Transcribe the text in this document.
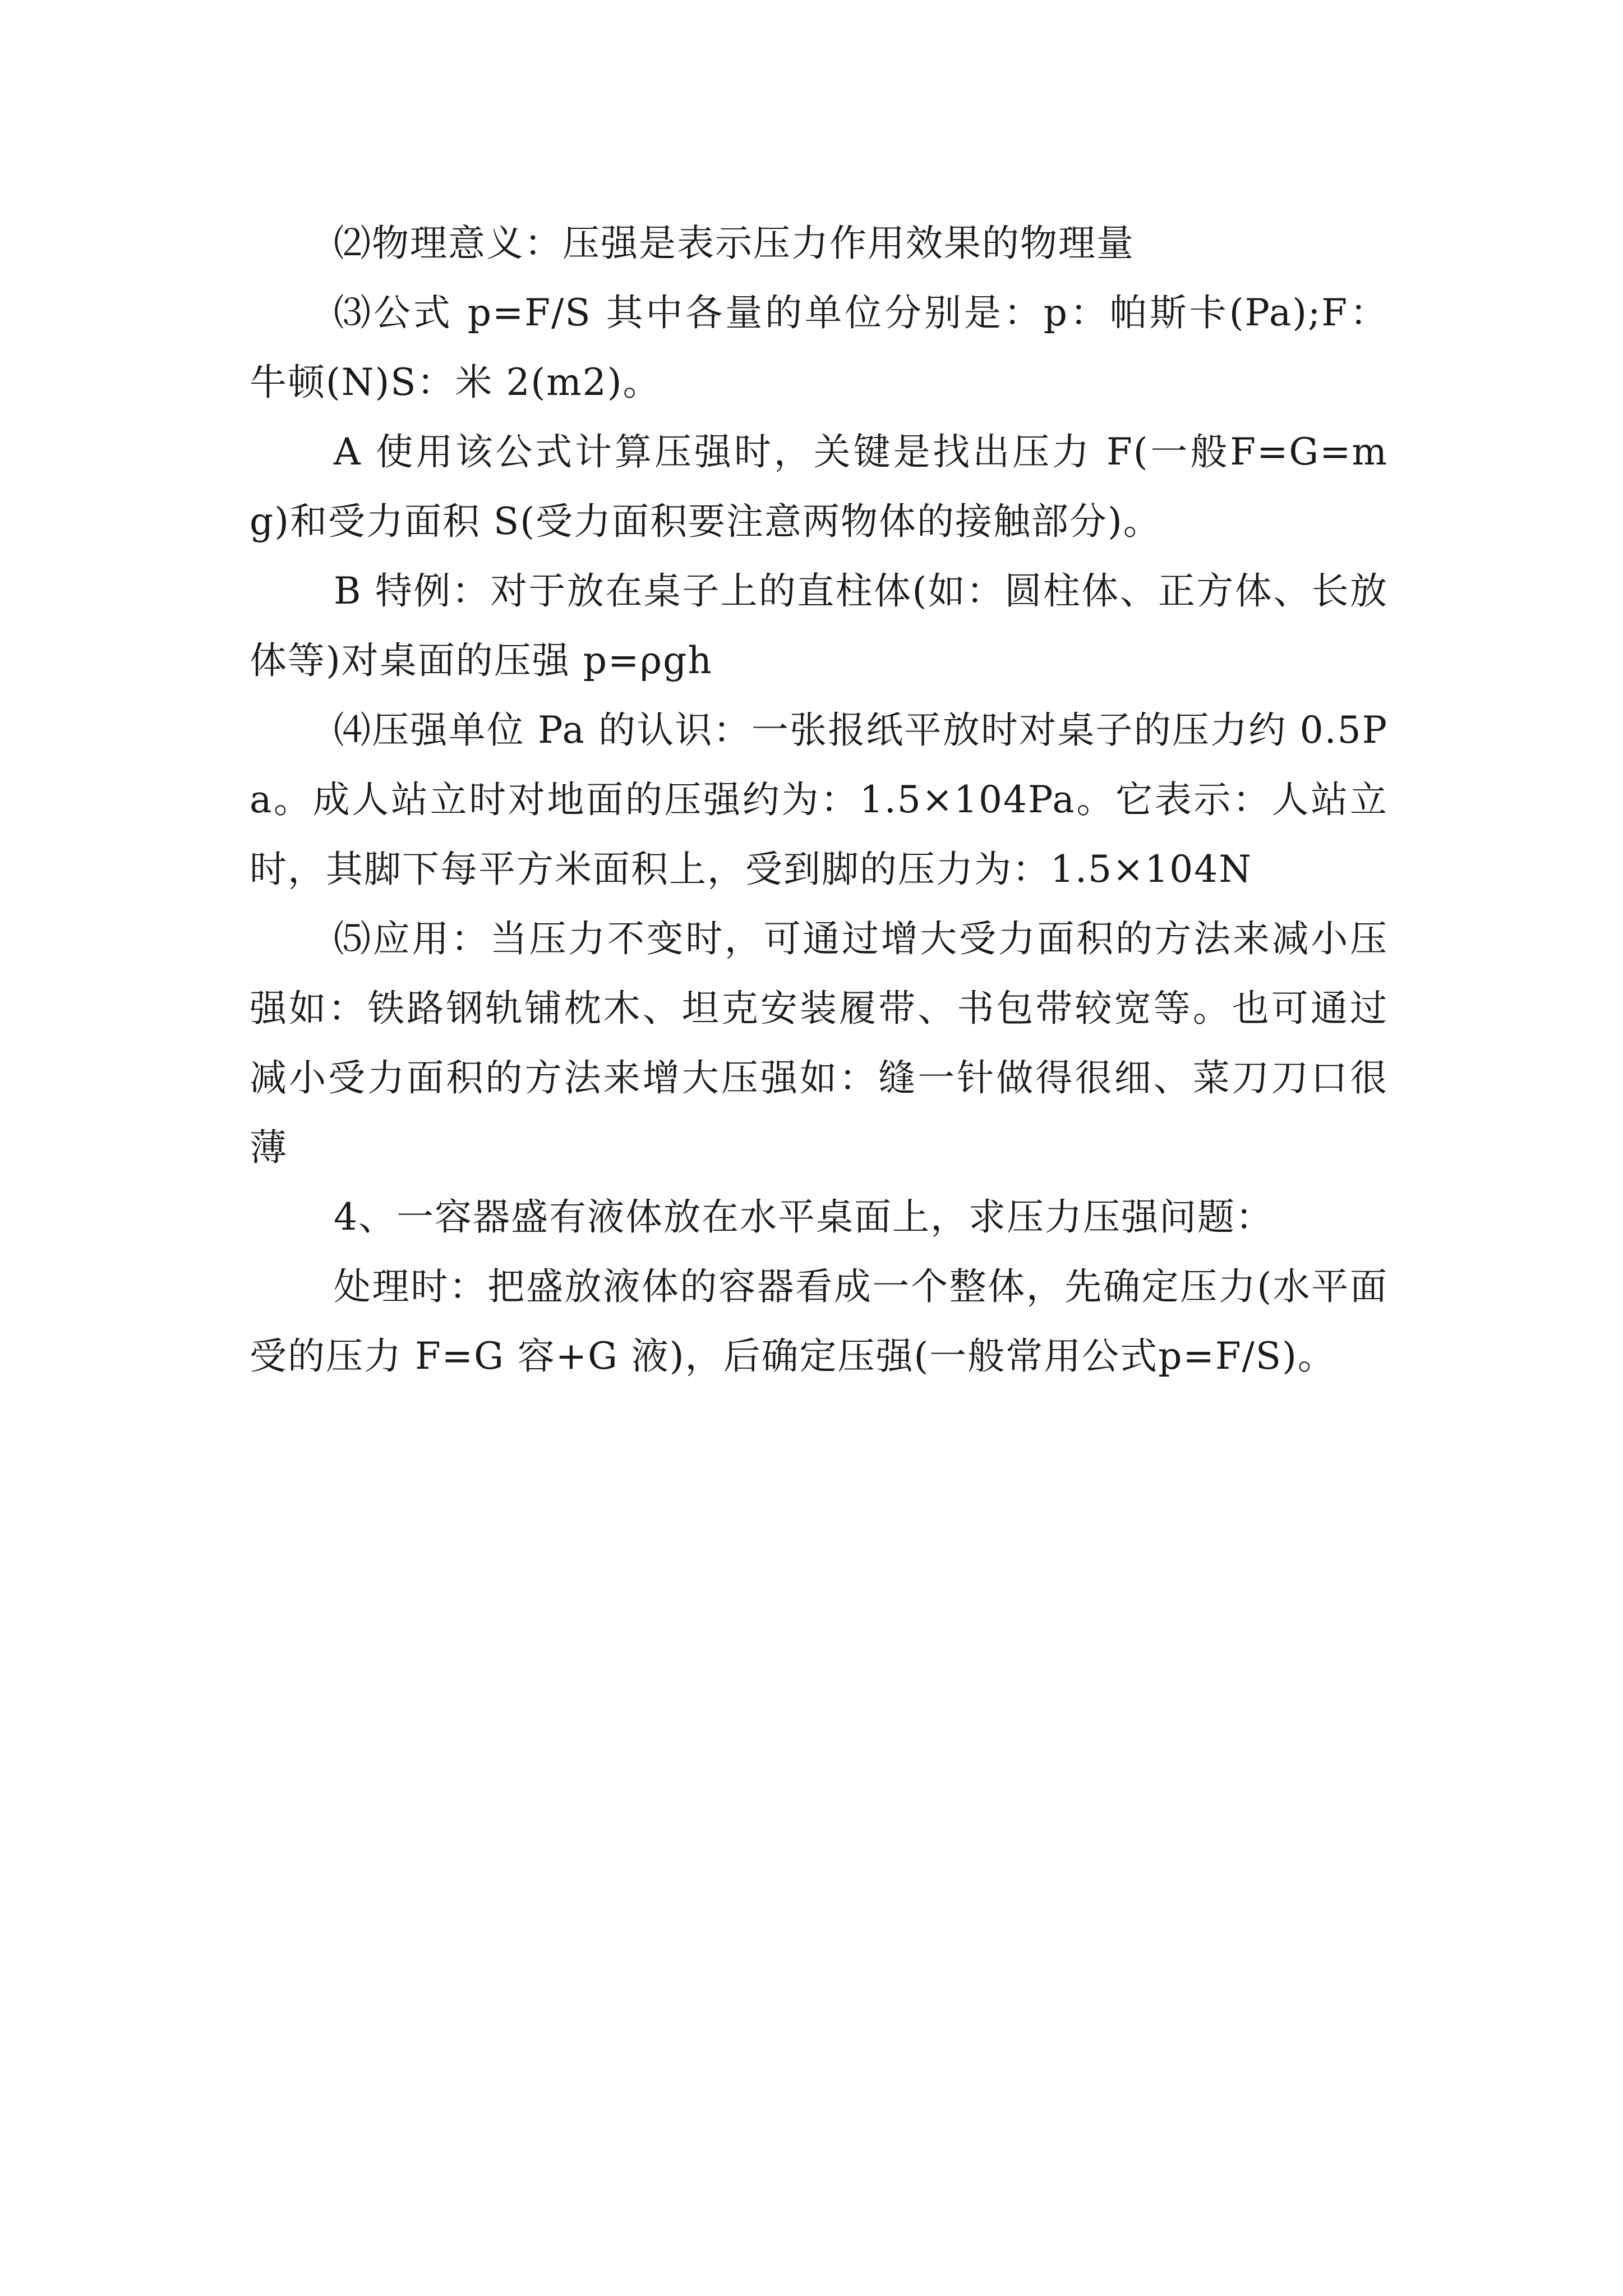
⑵物理意义：压强是表示压力作用效果的物理量

⑶公式 p=F/S 其中各量的单位分别是：p：帕斯卡(Pa);F：牛顿(N)S：米 2(m2)。

A 使用该公式计算压强时，关键是找出压力 F(一般F=G=mg)和受力面积 S(受力面积要注意两物体的接触部分)。

B 特例：对于放在桌子上的直柱体(如：圆柱体、正方体、长放体等)对桌面的压强 p=ρgh

⑷压强单位 Pa 的认识：一张报纸平放时对桌子的压力约 0.5Pa。成人站立时对地面的压强约为：1.5×104Pa。它表示：人站立时，其脚下每平方米面积上，受到脚的压力为：1.5×104N

⑸应用：当压力不变时，可通过增大受力面积的方法来减小压强如：铁路钢轨铺枕木、坦克安装履带、书包带较宽等。也可通过减小受力面积的方法来增大压强如：缝一针做得很细、菜刀刀口很薄

4、一容器盛有液体放在水平桌面上，求压力压强问题：

处理时：把盛放液体的容器看成一个整体，先确定压力(水平面受的压力 F=G 容+G 液)，后确定压强(一般常用公式p=F/S)。
